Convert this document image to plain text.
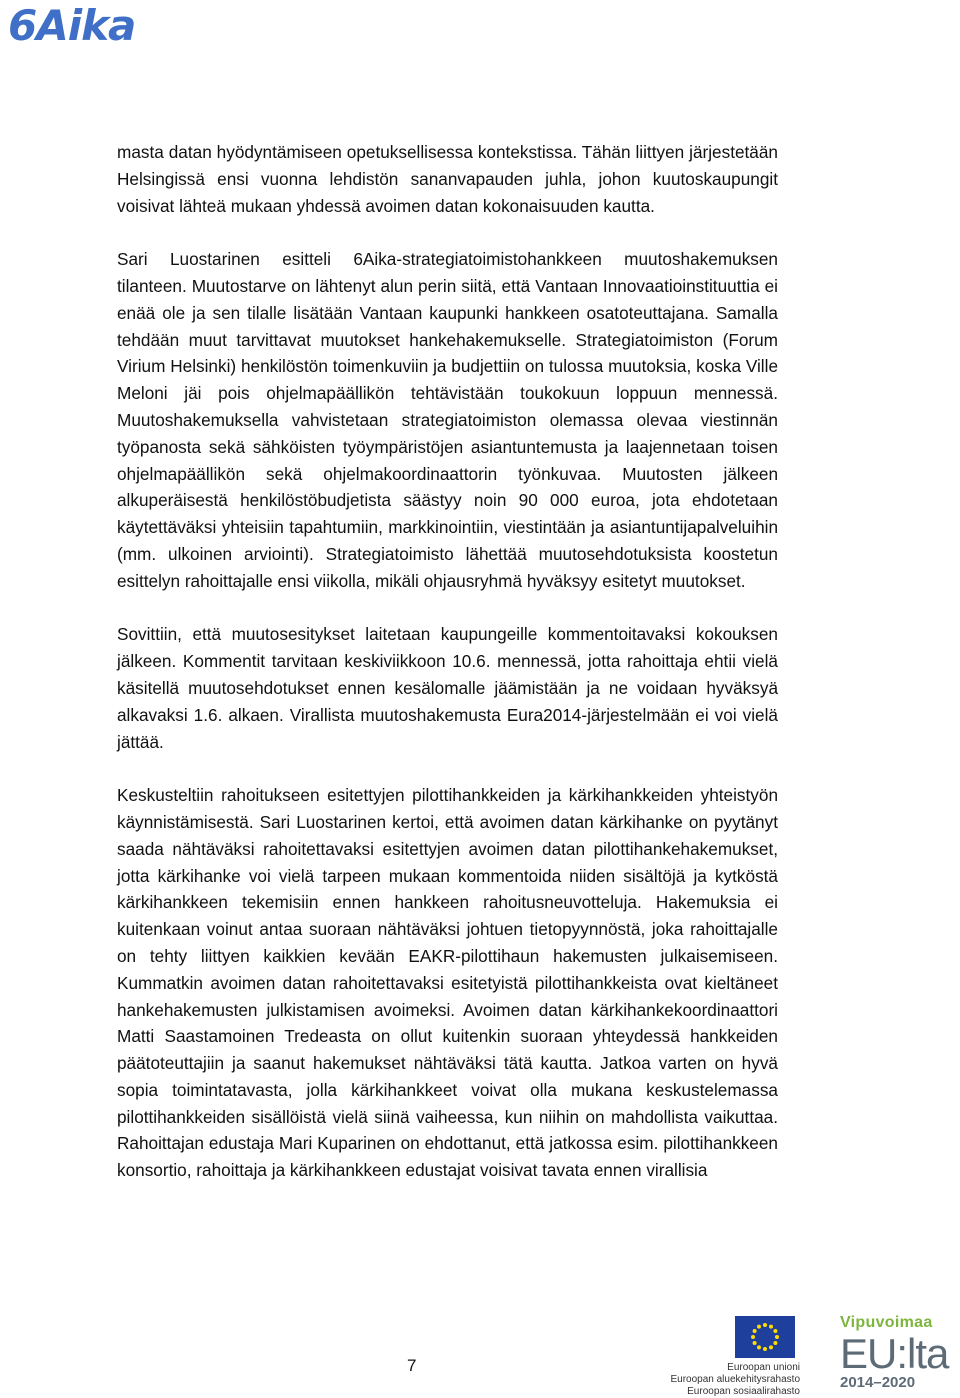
6Aika

masta datan hyödyntämiseen opetuksellisessa kontekstissa. Tähän liittyen järjestetään Helsingissä ensi vuonna lehdistön sananvapauden juhla, johon kuutoskaupungit voisivat lähteä mukaan yhdessä avoimen datan kokonaisuuden kautta.

Sari Luostarinen esitteli 6Aika-strategiatoimistohankkeen muutoshakemuksen tilanteen. Muutostarve on lähtenyt alun perin siitä, että Vantaan Innovaatioinstituuttia ei enää ole ja sen tilalle lisätään Vantaan kaupunki hankkeen osatoteuttajana. Samalla tehdään muut tarvittavat muutokset hankehakemukselle. Strategiatoimiston (Forum Virium Helsinki) henkilöstön toimenkuviin ja budjettiin on tulossa muutoksia, koska Ville Meloni jäi pois ohjelmapäällikön tehtävistään toukokuun loppuun mennessä. Muutoshakemuksella vahvistetaan strategiatoimiston olemassa olevaa viestinnän työpanosta sekä sähköisten työympäristöjen asiantuntemusta ja laajennetaan toisen ohjelmapäällikön sekä ohjelmakoordinaattorin työnkuvaa. Muutosten jälkeen alkuperäisestä henkilöstöbudjetista säästyy noin 90 000 euroa, jota ehdotetaan käytettäväksi yhteisiin tapahtumiin, markkinointiin, viestintään ja asiantuntijapalveluihin (mm. ulkoinen arviointi). Strategiatoimisto lähettää muutosehdotuksista koostetun esittelyn rahoittajalle ensi viikolla, mikäli ohjausryhmä hyväksyy esitetyt muutokset.

Sovittiin, että muutosesitykset laitetaan kaupungeille kommentoitavaksi kokouksen jälkeen. Kommentit tarvitaan keskiviikkoon 10.6. mennessä, jotta rahoittaja ehtii vielä käsitellä muutosehdotukset ennen kesälomalle jäämistään ja ne voidaan hyväksyä alkavaksi 1.6. alkaen. Virallista muutoshakemusta Eura2014-järjestelmään ei voi vielä jättää.

Keskusteltiin rahoitukseen esitettyjen pilottihankkeiden ja kärkihankkeiden yhteistyön käynnistämisestä. Sari Luostarinen kertoi, että avoimen datan kärkihanke on pyytänyt saada nähtäväksi rahoitettavaksi esitettyjen avoimen datan pilottihankehakemukset, jotta kärkihanke voi vielä tarpeen mukaan kommentoida niiden sisältöjä ja kytköstä kärkihankkeen tekemisiin ennen hankkeen rahoitusneuvotteluja. Hakemuksia ei kuitenkaan voinut antaa suoraan nähtäväksi johtuen tietopyynnöstä, joka rahoittajalle on tehty liittyen kaikkien kevään EAKR-pilottihaun hakemusten julkaisemiseen. Kummatkin avoimen datan rahoitettavaksi esitetyistä pilottihankkeista ovat kieltäneet hankehakemusten julkistamisen avoimeksi. Avoimen datan kärkihankekoordinaattori Matti Saastamoinen Tredeasta on ollut kuitenkin suoraan yhteydessä hankkeiden päätoteuttajiin ja saanut hakemukset nähtäväksi tätä kautta. Jatkoa varten on hyvä sopia toimintatavasta, jolla kärkihankkeet voivat olla mukana keskustelemassa pilottihankkeiden sisällöistä vielä siinä vaiheessa, kun niihin on mahdollista vaikuttaa. Rahoittajan edustaja Mari Kuparinen on ehdottanut, että jatkossa esim. pilottihankkeen konsortio, rahoittaja ja kärkihankkeen edustajat voisivat tavata ennen virallisia

7	Euroopan unioni
Euroopan aluekehitysrahasto
Euroopan sosiaalirahasto
Vipuvoimaa
EU:lta
2014–2020
